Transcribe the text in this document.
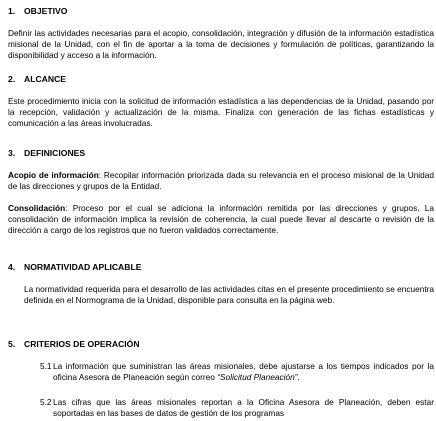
1. OBJETIVO
Definir las actividades necesarias para el acopio, consolidación, integración y difusión de la información estadística misional de la Unidad, con el fin de aportar a la toma de decisiones y formulación de políticas, garantizando la disponibilidad y acceso a la información.
2. ALCANCE
Este procedimiento inicia con la solicitud de información estadística a las dependencias de la Unidad, pasando por la recepción, validación y actualización de la misma. Finaliza con generación de las fichas estadísticas y comunicación a las áreas involucradas.
3. DEFINICIONES
Acopio de información: Recopilar información priorizada dada su relevancia en el proceso misional de la Unidad de las direcciones y grupos de la Entidad.
Consolidación: Proceso por el cual se adiciona la información remitida por las direcciones y grupos. La consolidación de información implica la revisión de coherencia, la cual puede llevar al descarte o revisión de la dirección a cargo de los registros que no fueron validados correctamente.
4. NORMATIVIDAD APLICABLE
La normatividad requerida para el desarrollo de las actividades citas en el presente procedimiento se encuentra definida en el Normograma de la Unidad, disponible para consulta en la página web.
5. CRITERIOS DE OPERACIÓN
5.1 La información que suministran las áreas misionales, debe ajustarse a los tiempos indicados por la oficina Asesora de Planeación según correo “Solicitud Planeación”.
5.2 Las cifras que las áreas misionales reportan a la Oficina Asesora de Planeación, deben estar soportadas en las bases de datos de gestión de los programas
